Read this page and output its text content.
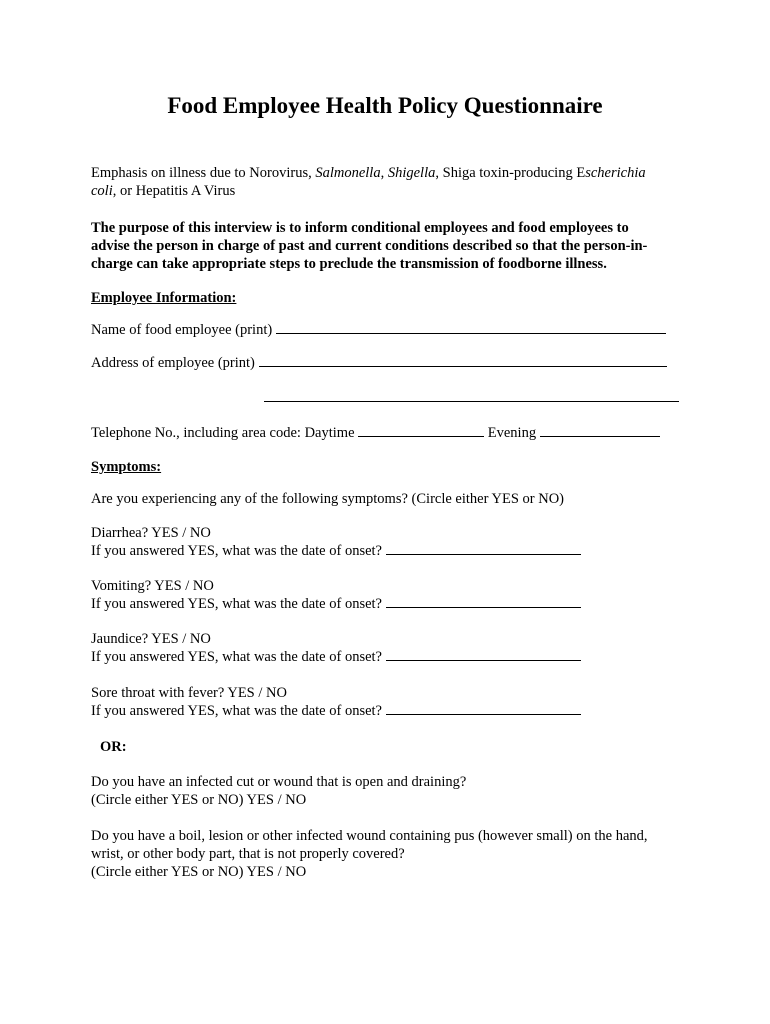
Food Employee Health Policy Questionnaire
Emphasis on illness due to Norovirus, Salmonella, Shigella, Shiga toxin-producing Escherichia
coli, or Hepatitis A Virus
The purpose of this interview is to inform conditional employees and food employees to
advise the person in charge of past and current conditions described so that the person-in-
charge can take appropriate steps to preclude the transmission of foodborne illness.
Employee Information:
Name of food employee (print)
Address of employee (print)
Telephone No., including area code: Daytime	Evening
Symptoms:
Are you experiencing any of the following symptoms? (Circle either YES or NO)
Diarrhea? YES / NO
If you answered YES, what was the date of onset?
Vomiting? YES / NO
If you answered YES, what was the date of onset?
Jaundice? YES / NO
If you answered YES, what was the date of onset?
Sore throat with fever? YES / NO
If you answered YES, what was the date of onset?
OR:
Do you have an infected cut or wound that is open and draining?
(Circle either YES or NO) YES / NO
Do you have a boil, lesion or other infected wound containing pus (however small) on the hand,
wrist, or other body part, that is not properly covered?
(Circle either YES or NO) YES / NO
